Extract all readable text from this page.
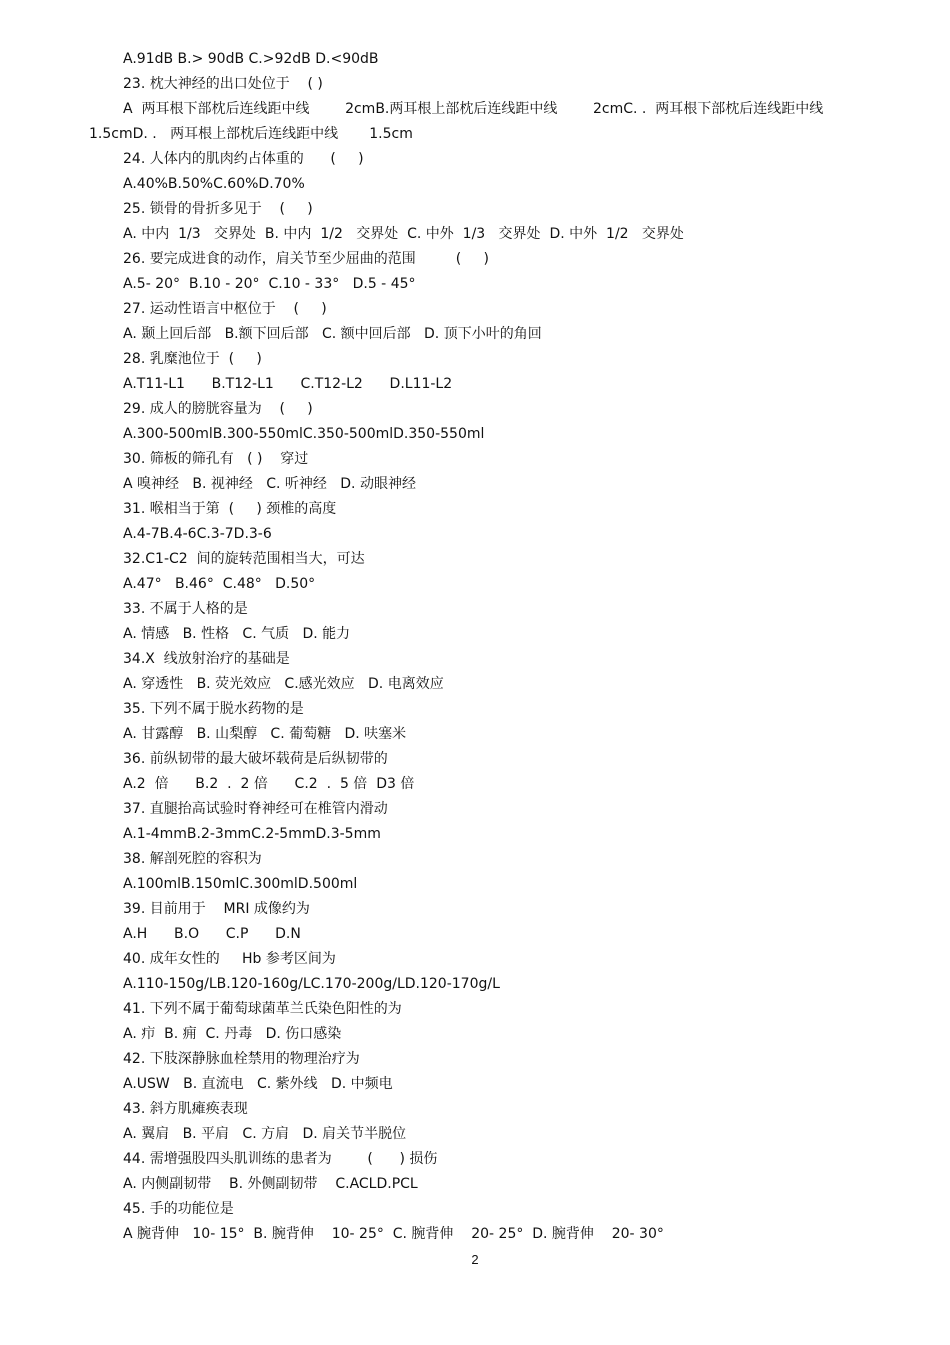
A.91dB B.> 90dB C.>92dB D.<90dB
23. 枕大神经的出口处位于    ( )
A  两耳根下部枕后连线距中线        2cmB.两耳根上部枕后连线距中线        2cmC. .  两耳根下部枕后连线距中线
1.5cmD. .   两耳根上部枕后连线距中线       1.5cm
24. 人体内的肌肉约占体重的      (     )
A.40%B.50%C.60%D.70%
25. 锁骨的骨折多见于    (     )
A. 中内  1/3   交界处  B. 中内  1/2   交界处  C. 中外  1/3   交界处  D. 中外  1/2   交界处
26. 要完成进食的动作，肩关节至少屈曲的范围         (     )
A.5- 20°  B.10 - 20°  C.10 - 33°   D.5 - 45°
27. 运动性语言中枢位于    (     )
A. 颞上回后部   B.额下回后部   C. 额中回后部   D. 顶下小叶的角回
28. 乳糜池位于  (     )
A.T11-L1      B.T12-L1      C.T12-L2      D.L11-L2
29. 成人的膀胱容量为    (     )
A.300-500mlB.300-550mlC.350-500mlD.350-550ml
30. 筛板的筛孔有   ( )    穿过
A 嗅神经   B. 视神经   C. 听神经   D. 动眼神经
31. 喉相当于第  (     ) 颈椎的高度
A.4-7B.4-6C.3-7D.3-6
32.C1-C2  间的旋转范围相当大，可达
A.47°   B.46°  C.48°   D.50°
33. 不属于人格的是
A. 情感   B. 性格   C. 气质   D. 能力
34.X  线放射治疗的基础是
A. 穿透性   B. 荧光效应   C.感光效应   D. 电离效应
35. 下列不属于脱水药物的是
A. 甘露醇   B. 山梨醇   C. 葡萄糖   D. 呋塞米
36. 前纵韧带的最大破坏载荷是后纵韧带的
A.2  倍      B.2  .  2 倍      C.2  .  5 倍  D3 倍
37. 直腿抬高试验时脊神经可在椎管内滑动
A.1-4mmB.2-3mmC.2-5mmD.3-5mm
38. 解剖死腔的容积为
A.100mlB.150mlC.300mlD.500ml
39. 目前用于    MRI 成像约为
A.H      B.O      C.P      D.N
40. 成年女性的     Hb 参考区间为
A.110-150g/LB.120-160g/LC.170-200g/LD.120-170g/L
41. 下列不属于葡萄球菌革兰氏染色阳性的为
A. 疖  B. 痈  C. 丹毒   D. 伤口感染
42. 下肢深静脉血栓禁用的物理治疗为
A.USW   B. 直流电   C. 紫外线   D. 中频电
43. 斜方肌瘫痪表现
A. 翼肩   B. 平肩   C. 方肩   D. 肩关节半脱位
44. 需增强股四头肌训练的患者为        (      ) 损伤
A. 内侧副韧带    B. 外侧副韧带    C.ACLD.PCL
45. 手的功能位是
A 腕背伸   10- 15°  B. 腕背伸    10- 25°  C. 腕背伸    20- 25°  D. 腕背伸    20- 30°
2
